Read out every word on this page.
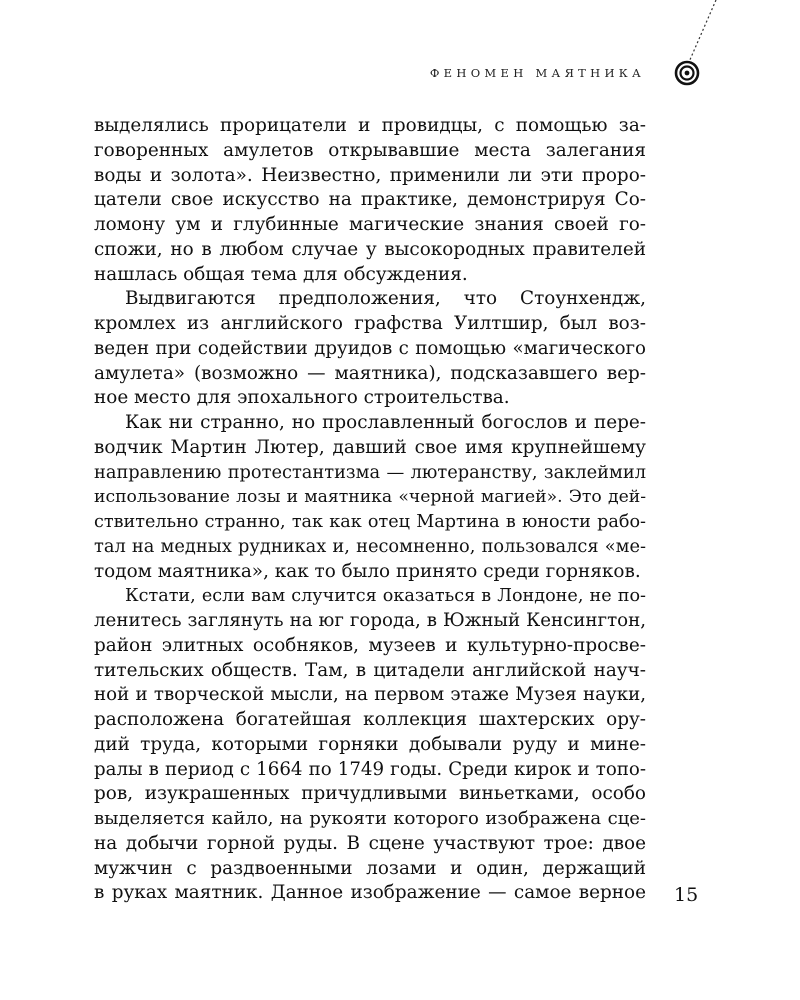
ФЕНОМЕН МАЯТНИКА
выделялись прорицатели и провидцы, с помощью за-
говоренных амулетов открывавшие места залегания
воды и золота». Неизвестно, применили ли эти проро-
цатели свое искусство на практике, демонстрируя Со-
ломону ум и глубинные магические знания своей го-
спожи, но в любом случае у высокородных правителей
нашлась общая тема для обсуждения.
Выдвигаются предположения, что Стоунхендж,
кромлех из английского графства Уилтшир, был воз-
веден при содействии друидов с помощью «магического
амулета» (возможно — маятника), подсказавшего вер-
ное место для эпохального строительства.
Как ни странно, но прославленный богослов и пере-
водчик Мартин Лютер, давший свое имя крупнейшему
направлению протестантизма — лютеранству, заклеймил
использование лозы и маятника «черной магией». Это дей-
ствительно странно, так как отец Мартина в юности рабо-
тал на медных рудниках и, несомненно, пользовался «ме-
тодом маятника», как то было принято среди горняков.
Кстати, если вам случится оказаться в Лондоне, не по-
ленитесь заглянуть на юг города, в Южный Кенсингтон,
район элитных особняков, музеев и культурно-просве-
тительских обществ. Там, в цитадели английской науч-
ной и творческой мысли, на первом этаже Музея науки,
расположена богатейшая коллекция шахтерских ору-
дий труда, которыми горняки добывали руду и мине-
ралы в период с 1664 по 1749 годы. Среди кирок и топо-
ров, изукрашенных причудливыми виньетками, особо
выделяется кайло, на рукояти которого изображена сце-
на добычи горной руды. В сцене участвуют трое: двое
мужчин с раздвоенными лозами и один, держащий
в руках маятник. Данное изображение — самое верное 15
